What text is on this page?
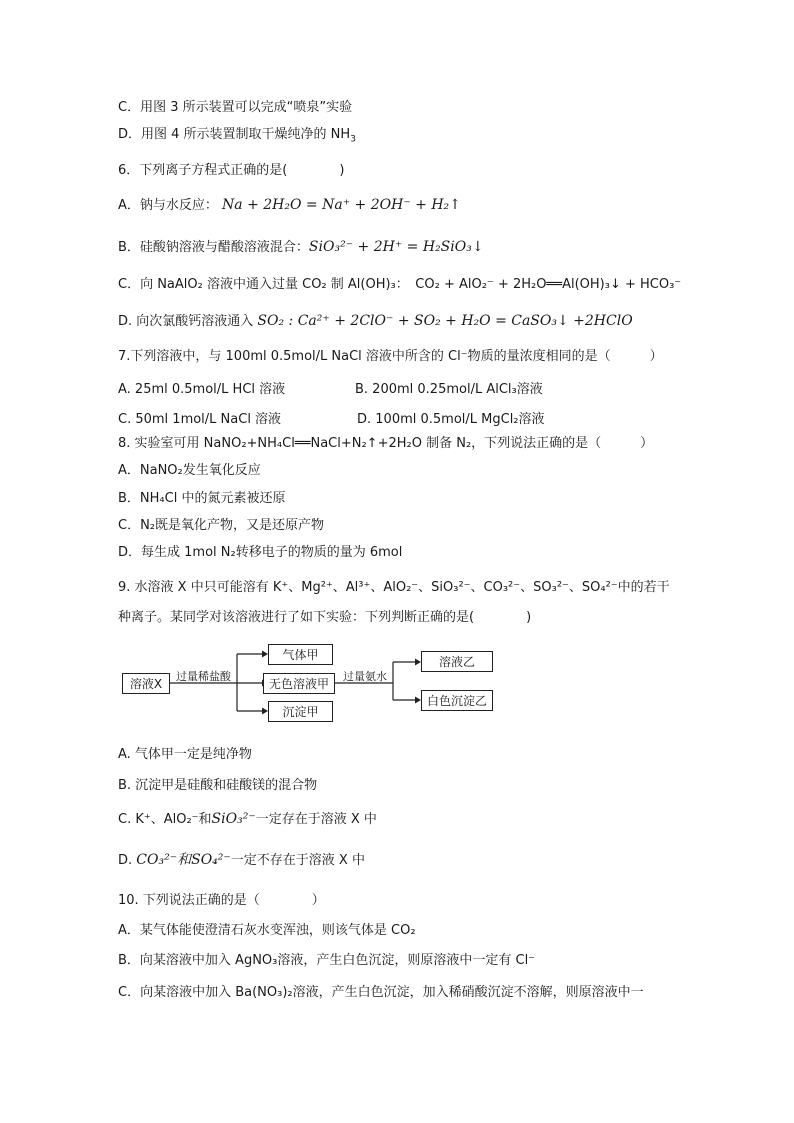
C．用图 3 所示装置可以完成“喷泉”实验
D．用图 4 所示装置制取干燥纯净的 $NH_3$
6．下列离子方程式正确的是(　　　　)
A．钠与水反应： Na + 2H₂O = Na⁺ + 2OH⁻ + H₂↑
B．硅酸钠溶液与醋酸溶液混合：SiO₃²⁻ + 2H⁺ = H₂SiO₃↓
C．向 NaAlO₂ 溶液中通入过量 CO₂ 制 Al(OH)₃：　 CO₂ + AlO₂⁻ + 2H₂O══Al(OH)₃↓ + HCO₃⁻
D. 向次氯酸钙溶液通入 SO₂ : Ca²⁺ + 2ClO⁻ + SO₂ + H₂O = CaSO₃↓ +2HClO
7.下列溶液中，与 100ml 0.5mol/L NaCl 溶液中所含的 Cl⁻物质的量浓度相同的是（　　　）
A. 25ml 0.5mol/L HCl 溶液	B. 200ml 0.25mol/L AlCl₃溶液
C. 50ml 1mol/L NaCl 溶液	D. 100ml 0.5mol/L MgCl₂溶液
8. 实验室可用 NaNO₂+NH₄Cl══NaCl+N₂↑+2H₂O 制备 N₂，下列说法正确的是（　　　）
A．NaNO₂发生氧化反应
B．NH₄Cl 中的氮元素被还原
C．N₂既是氧化产物，又是还原产物
D．每生成 1mol N₂转移电子的物质的量为 6mol
9. 水溶液 X 中只可能溶有 K⁺、Mg²⁺、Al³⁺、AlO₂⁻、SiO₃²⁻、CO₃²⁻、SO₃²⁻、SO₄²⁻中的若干
种离子。某同学对该溶液进行了如下实验：下列判断正确的是(　　　　)
溶液X
过量稀盐酸
气体甲
无色溶液甲
沉淀甲
过量氨水
溶液乙
白色沉淀乙
A. 气体甲一定是纯净物
B. 沉淀甲是硅酸和硅酸镁的混合物
C. K⁺、AlO₂⁻和SiO₃²⁻一定存在于溶液 X 中
D. CO₃²⁻和SO₄²⁻一定不存在于溶液 X 中
10. 下列说法正确的是（　　　　）
A．某气体能使澄清石灰水变浑浊，则该气体是 CO₂
B．向某溶液中加入 AgNO₃溶液，产生白色沉淀，则原溶液中一定有 Cl⁻
C．向某溶液中加入 Ba(NO₃)₂溶液，产生白色沉淀，加入稀硝酸沉淀不溶解，则原溶液中一
